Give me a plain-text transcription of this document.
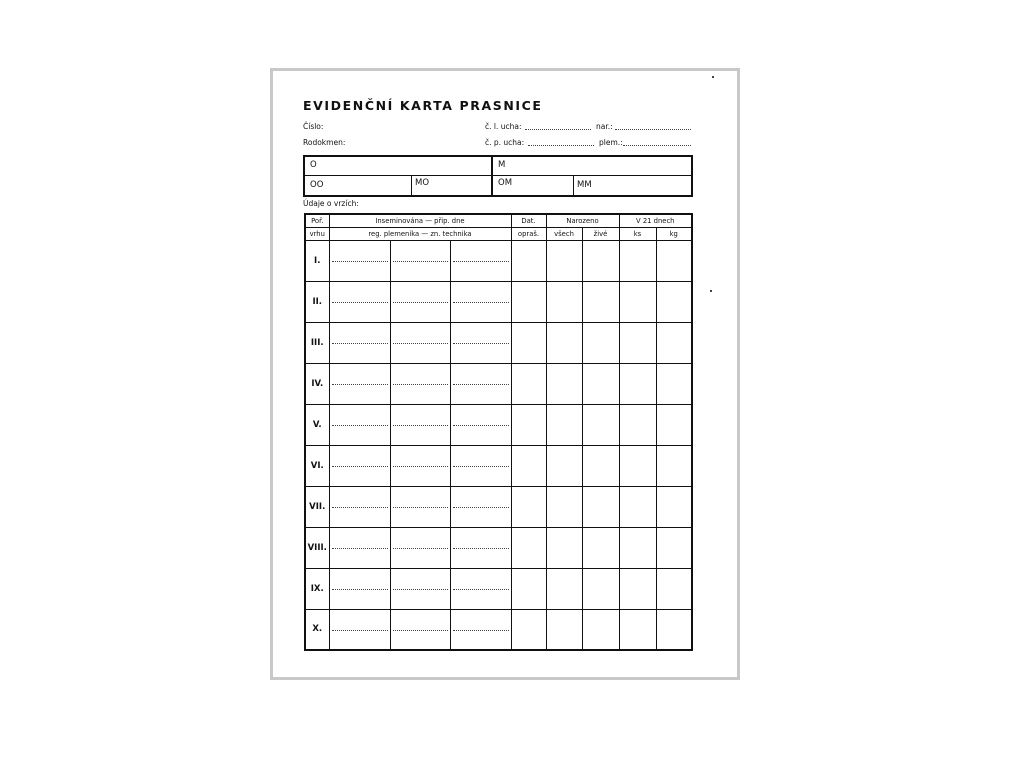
EVIDENČNÍ KARTA PRASNICE
Číslo:	č. l. ucha:	nar.:
Rodokmen:	č. p. ucha:	plem.:
O	M
OO	MO	OM	MM
Údaje o vrzích:
Poř.	Inseminována — přip. dne			Dat.	Narozeno		V 21 dnech	
vrhu	reg. plemeníka — zn. technika			opraš.	všech	živé	ks	kg
I.	

II.	

III.	

IV.	

V.	

VI.	

VII.	

VIII.	

IX.	

X.	
